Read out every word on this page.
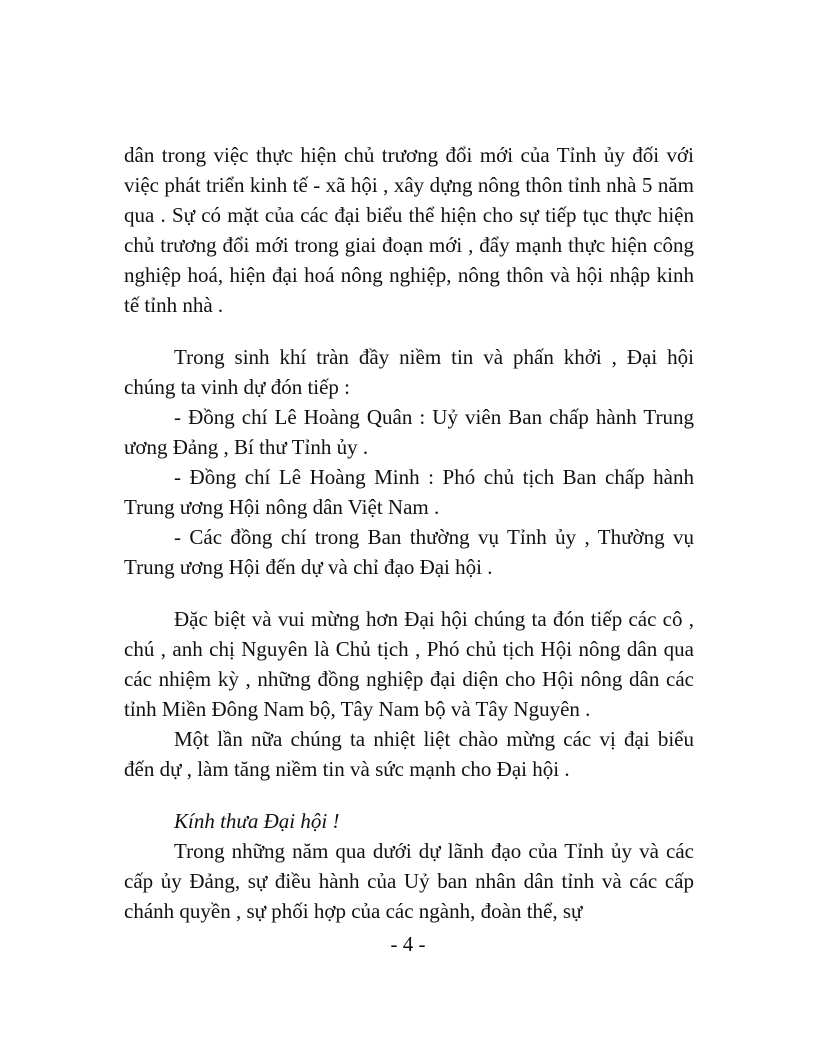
dân trong việc thực hiện chủ trương đổi mới của Tỉnh ủy đối với việc phát triển kinh tế - xã hội , xây dựng nông thôn tỉnh nhà 5 năm qua . Sự có mặt của các đại biểu thể hiện cho sự tiếp tục thực hiện chủ trương đổi mới trong giai đoạn mới , đẩy mạnh thực hiện công nghiệp hoá, hiện đại hoá nông nghiệp, nông thôn và hội nhập kinh tế tỉnh nhà .

Trong sinh khí tràn đầy niềm tin và phấn khởi , Đại hội chúng ta vinh dự đón tiếp :

- Đồng chí Lê Hoàng Quân : Uỷ viên Ban chấp hành Trung ương Đảng , Bí thư Tỉnh ủy .

- Đồng chí Lê Hoàng Minh : Phó chủ tịch Ban chấp hành Trung ương Hội nông dân Việt Nam .

- Các đồng chí trong Ban thường vụ Tỉnh ủy , Thường vụ Trung ương Hội đến dự và chỉ đạo Đại hội .

Đặc biệt và vui mừng hơn Đại hội chúng ta đón tiếp các cô , chú , anh chị Nguyên là Chủ tịch , Phó chủ tịch Hội nông dân qua các nhiệm kỳ , những đồng nghiệp đại diện cho Hội nông dân các tỉnh Miền Đông Nam bộ, Tây Nam bộ và Tây Nguyên .

Một lần nữa chúng ta nhiệt liệt chào mừng các vị đại biểu đến dự , làm tăng niềm tin và sức mạnh cho Đại hội .

Kính thưa Đại hội !

Trong những năm qua dưới dự lãnh đạo của Tỉnh ủy và các cấp ủy Đảng, sự điều hành của Uỷ ban nhân dân tỉnh và các cấp chánh quyền , sự phối hợp của các ngành, đoàn thể, sự

- 4 -
